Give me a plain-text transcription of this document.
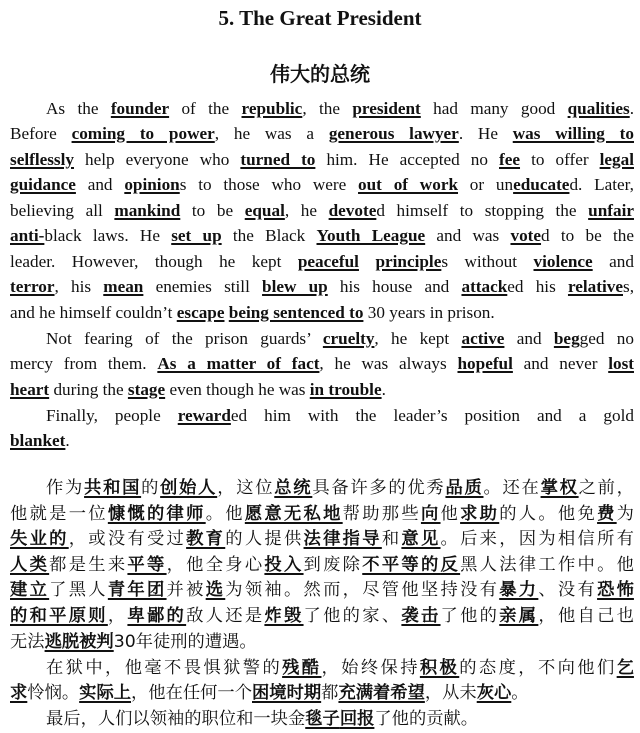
5. The Great President
伟大的总统
As the founder of the republic, the president had many good qualities.
Before coming to power, he was a generous lawyer. He was willing to
selflessly help everyone who turned to him. He accepted no fee to offer legal
guidance and opinions to those who were out of work or uneducated. Later,
believing all mankind to be equal, he devoted himself to stopping the unfair
anti-black laws. He set up the Black Youth League and was voted to be the
leader. However, though he kept peaceful principles without violence and
terror, his mean enemies still blew up his house and attacked his relatives,
and he himself couldn’t escape being sentenced to 30 years in prison.
Not fearing of the prison guards’ cruelty, he kept active and begged no
mercy from them. As a matter of fact, he was always hopeful and never lost
heart during the stage even though he was in trouble.
Finally, people rewarded him with the leader’s position and a gold
blanket.
作为共和国的创始人，这位总统具备许多的优秀品质。还在掌权之前，
他就是一位慷慨的律师。他愿意无私地帮助那些向他求助的人。他免费为
失业的，或没有受过教育的人提供法律指导和意见。后来，因为相信所有
人类都是生来平等，他全身心投入到废除不平等的反黑人法律工作中。他
建立了黑人青年团并被选为领袖。然而，尽管他坚持没有暴力、没有恐怖
的和平原则，卑鄙的敌人还是炸毁了他的家、袭击了他的亲属，他自己也
无法逃脱被判30年徒刑的遭遇。
在狱中，他毫不畏惧狱警的残酷，始终保持积极的态度，不向他们乞
求怜悯。实际上，他在任何一个困境时期都充满着希望，从未灰心。
最后，人们以领袖的职位和一块金毯子回报了他的贡献。
